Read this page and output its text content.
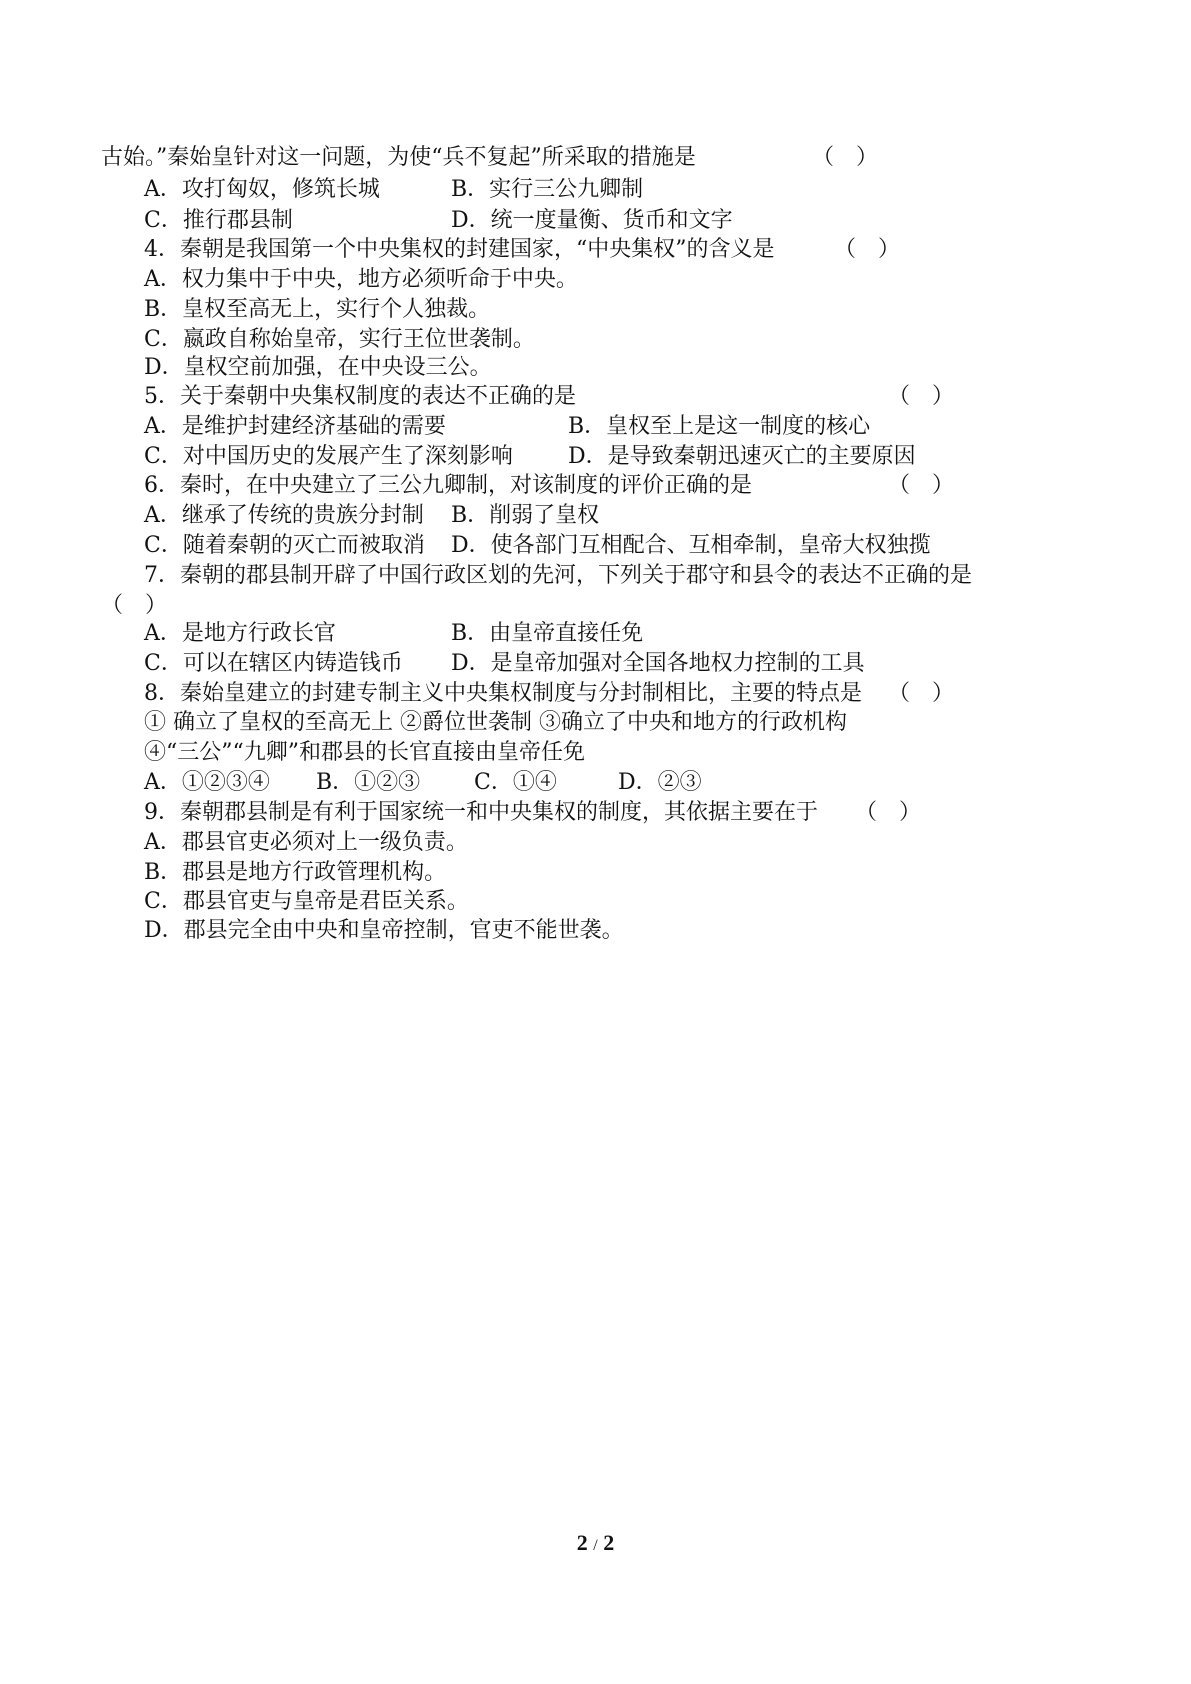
古始。”秦始皇针对这一问题，为使“兵不复起”所采取的措施是	（　）
A．攻打匈奴，修筑长城	B．实行三公九卿制
C．推行郡县制	D．统一度量衡、货币和文字
4．秦朝是我国第一个中央集权的封建国家，“中央集权”的含义是	（　）
A．权力集中于中央，地方必须听命于中央。
B．皇权至高无上，实行个人独裁。
C．嬴政自称始皇帝，实行王位世袭制。
D．皇权空前加强，在中央设三公。
5．关于秦朝中央集权制度的表达不正确的是	（　）
A．是维护封建经济基础的需要	B．皇权至上是这一制度的核心
C．对中国历史的发展产生了深刻影响	D．是导致秦朝迅速灭亡的主要原因
6．秦时，在中央建立了三公九卿制，对该制度的评价正确的是	（　）
A．继承了传统的贵族分封制 B．削弱了皇权
C．随着秦朝的灭亡而被取消 D．使各部门互相配合、互相牵制，皇帝大权独揽
7．秦朝的郡县制开辟了中国行政区划的先河，下列关于郡守和县令的表达不正确的是
（　）
A．是地方行政长官	B．由皇帝直接任免
C．可以在辖区内铸造钱币 D．是皇帝加强对全国各地权力控制的工具
8．秦始皇建立的封建专制主义中央集权制度与分封制相比，主要的特点是 （　）
① 确立了皇权的至高无上 ②爵位世袭制 ③确立了中央和地方的行政机构
④“三公”“九卿”和郡县的长官直接由皇帝任免
A．①②③④ B．①②③ C．①④	D．②③
9．秦朝郡县制是有利于国家统一和中央集权的制度，其依据主要在于 （　）
A．郡县官吏必须对上一级负责。
B．郡县是地方行政管理机构。
C．郡县官吏与皇帝是君臣关系。
D．郡县完全由中央和皇帝控制，官吏不能世袭。
2 / 2
